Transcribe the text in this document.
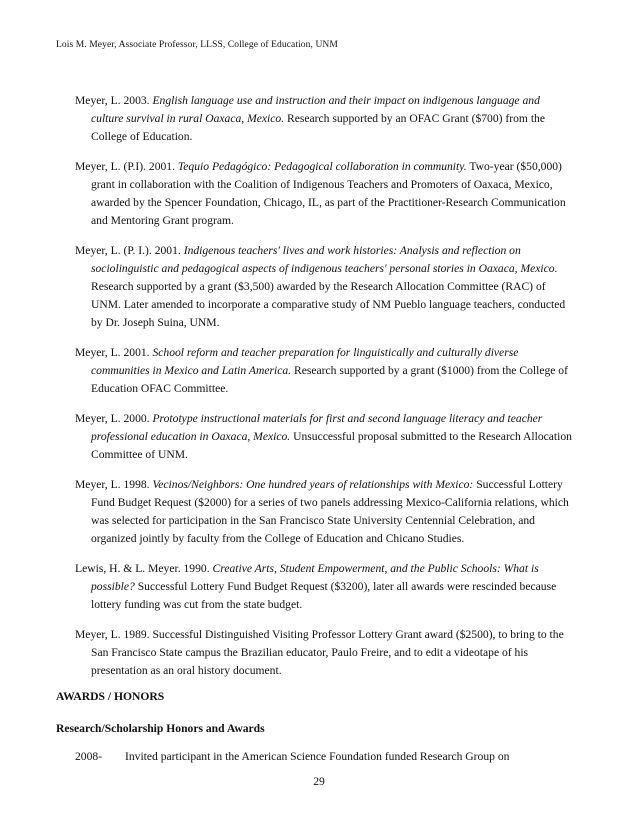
Lois M. Meyer, Associate Professor, LLSS, College of Education, UNM

Meyer, L. 2003. English language use and instruction and their impact on indigenous language and culture survival in rural Oaxaca, Mexico. Research supported by an OFAC Grant ($700) from the College of Education.

Meyer, L. (P.I). 2001. Tequio Pedagógico: Pedagogical collaboration in community. Two-year ($50,000) grant in collaboration with the Coalition of Indigenous Teachers and Promoters of Oaxaca, Mexico, awarded by the Spencer Foundation, Chicago, IL, as part of the Practitioner-Research Communication and Mentoring Grant program.

Meyer, L. (P. I.). 2001. Indigenous teachers' lives and work histories: Analysis and reflection on sociolinguistic and pedagogical aspects of indigenous teachers' personal stories in Oaxaca, Mexico. Research supported by a grant ($3,500) awarded by the Research Allocation Committee (RAC) of UNM. Later amended to incorporate a comparative study of NM Pueblo language teachers, conducted by Dr. Joseph Suina, UNM.

Meyer, L. 2001. School reform and teacher preparation for linguistically and culturally diverse communities in Mexico and Latin America. Research supported by a grant ($1000) from the College of Education OFAC Committee.

Meyer, L. 2000. Prototype instructional materials for first and second language literacy and teacher professional education in Oaxaca, Mexico. Unsuccessful proposal submitted to the Research Allocation Committee of UNM.

Meyer, L. 1998. Vecinos/Neighbors: One hundred years of relationships with Mexico: Successful Lottery Fund Budget Request ($2000) for a series of two panels addressing Mexico-California relations, which was selected for participation in the San Francisco State University Centennial Celebration, and organized jointly by faculty from the College of Education and Chicano Studies.

Lewis, H. & L. Meyer. 1990. Creative Arts, Student Empowerment, and the Public Schools: What is possible? Successful Lottery Fund Budget Request ($3200), later all awards were rescinded because lottery funding was cut from the state budget.

Meyer, L. 1989. Successful Distinguished Visiting Professor Lottery Grant award ($2500), to bring to the San Francisco State campus the Brazilian educator, Paulo Freire, and to edit a videotape of his presentation as an oral history document.

AWARDS / HONORS
Research/Scholarship Honors and Awards
2008-	Invited participant in the American Science Foundation funded Research Group on
29
